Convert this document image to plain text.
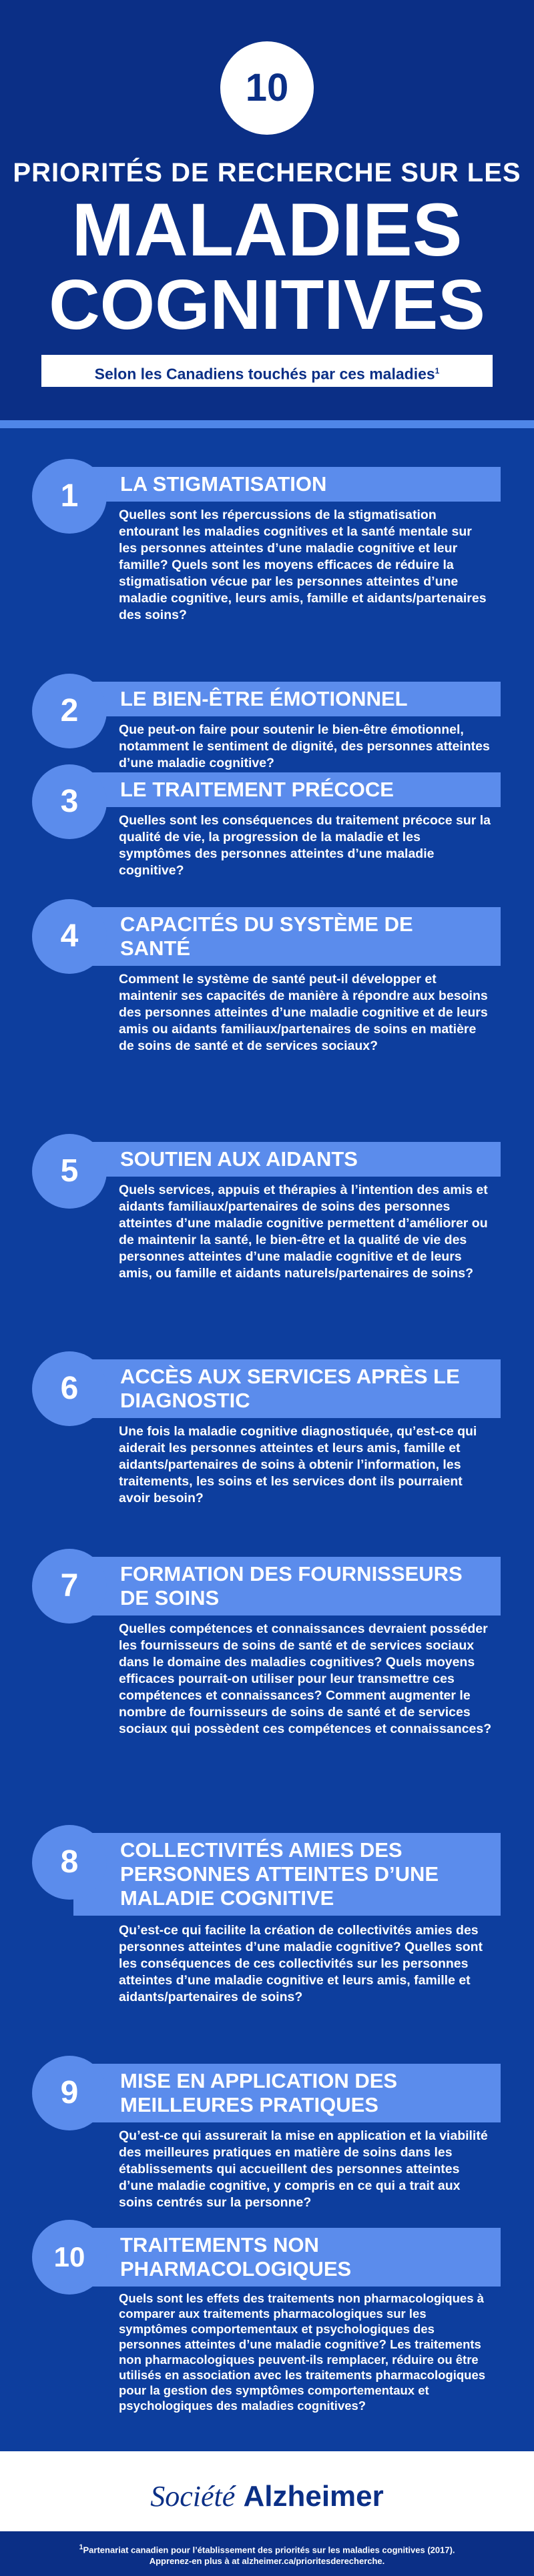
10
PRIORITÉS DE RECHERCHE SUR LES
MALADIES
COGNITIVES
Selon les Canadiens touchés par ces maladies$^1$
1	LA STIGMATISATION
Quelles sont les répercussions de la stigmatisation entourant les maladies cognitives et la santé mentale sur les personnes atteintes d’une maladie cognitive et leur famille? Quels sont les moyens efficaces de réduire la stigmatisation vécue par les personnes atteintes d’une maladie cognitive, leurs amis, famille et aidants/partenaires des soins?
2	LE BIEN-ÊTRE ÉMOTIONNEL
Que peut-on faire pour soutenir le bien-être émotionnel, notamment le sentiment de dignité, des personnes atteintes d’une maladie cognitive?
3	LE TRAITEMENT PRÉCOCE
Quelles sont les conséquences du traitement précoce sur la qualité de vie, la progression de la maladie et les symptômes des personnes atteintes d’une maladie cognitive?
4	CAPACITÉS DU SYSTÈME DE SANTÉ
Comment le système de santé peut-il développer et maintenir ses capacités de manière à répondre aux besoins des personnes atteintes d’une maladie cognitive et de leurs amis ou aidants familiaux/partenaires de soins en matière de soins de santé et de services sociaux?
5	SOUTIEN AUX AIDANTS
Quels services, appuis et thérapies à l’intention des amis et aidants familiaux/partenaires de soins des personnes atteintes d’une maladie cognitive permettent d’améliorer ou de maintenir la santé, le bien-être et la qualité de vie des personnes atteintes d’une maladie cognitive et de leurs amis, ou famille et aidants naturels/partenaires de soins?
6	ACCÈS AUX SERVICES APRÈS LE DIAGNOSTIC
Une fois la maladie cognitive diagnostiquée, qu’est-ce qui aiderait les personnes atteintes et leurs amis, famille et aidants/partenaires de soins à obtenir l’information, les traitements, les soins et les services dont ils pourraient avoir besoin?
7	FORMATION DES FOURNISSEURS DE SOINS
Quelles compétences et connaissances devraient posséder les fournisseurs de soins de santé et de services sociaux dans le domaine des maladies cognitives? Quels moyens efficaces pourrait-on utiliser pour leur transmettre ces compétences et connaissances? Comment augmenter le nombre de fournisseurs de soins de santé et de services sociaux qui possèdent ces compétences et connaissances?
8	COLLECTIVITÉS AMIES DES PERSONNES ATTEINTES D’UNE MALADIE COGNITIVE
Qu’est-ce qui facilite la création de collectivités amies des personnes atteintes d’une maladie cognitive? Quelles sont les conséquences de ces collectivités sur les personnes atteintes d’une maladie cognitive et leurs amis, famille et aidants/partenaires de soins?
9	MISE EN APPLICATION DES MEILLEURES PRATIQUES
Qu’est-ce qui assurerait la mise en application et la viabilité des meilleures pratiques en matière de soins dans les établissements qui accueillent des personnes atteintes d’une maladie cognitive, y compris en ce qui a trait aux soins centrés sur la personne?
10	TRAITEMENTS NON PHARMACOLOGIQUES
Quels sont les effets des traitements non pharmacologiques à comparer aux traitements pharmacologiques sur les symptômes comportementaux et psychologiques des personnes atteintes d’une maladie cognitive? Les traitements non pharmacologiques peuvent-ils remplacer, réduire ou être utilisés en association avec les traitements pharmacologiques pour la gestion des symptômes comportementaux et psychologiques des maladies cognitives?
Société Alzheimer
$^1$Partenariat canadien pour l’établissement des priorités sur les maladies cognitives (2017).
Apprenez-en plus à at alzheimer.ca/prioritesderecherche.
